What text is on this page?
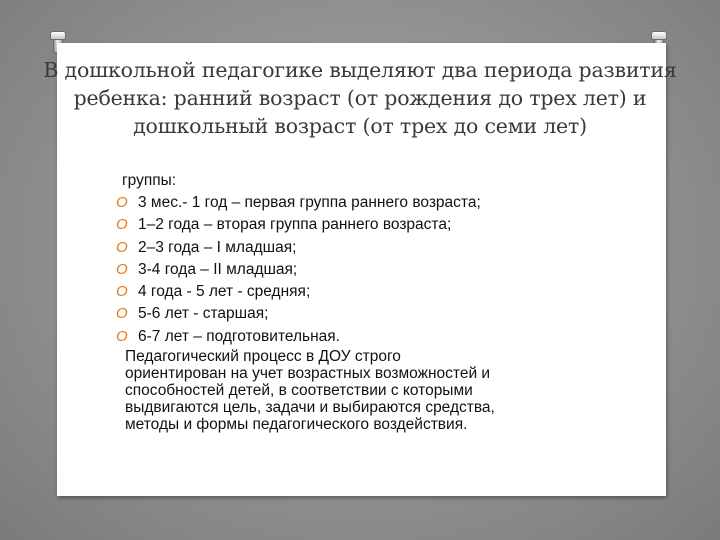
В дошкольной педагогике выделяют два периода развития ребенка: ранний возраст (от рождения до трех лет) и дошкольный возраст (от трех до семи лет)

группы:

O 3 мес.- 1 год – первая группа раннего возраста;
O 1–2 года – вторая группа раннего возраста;
O 2–3 года – I младшая;
O 3-4 года – II младшая;
O 4 года - 5 лет - средняя;
O 5-6 лет - старшая;
O 6-7 лет – подготовительная.

Педагогический процесс в ДОУ строго
ориентирован на учет возрастных возможностей и
способностей детей, в соответствии с которыми
выдвигаются цель, задачи и выбираются средства,
методы и формы педагогического воздействия.
